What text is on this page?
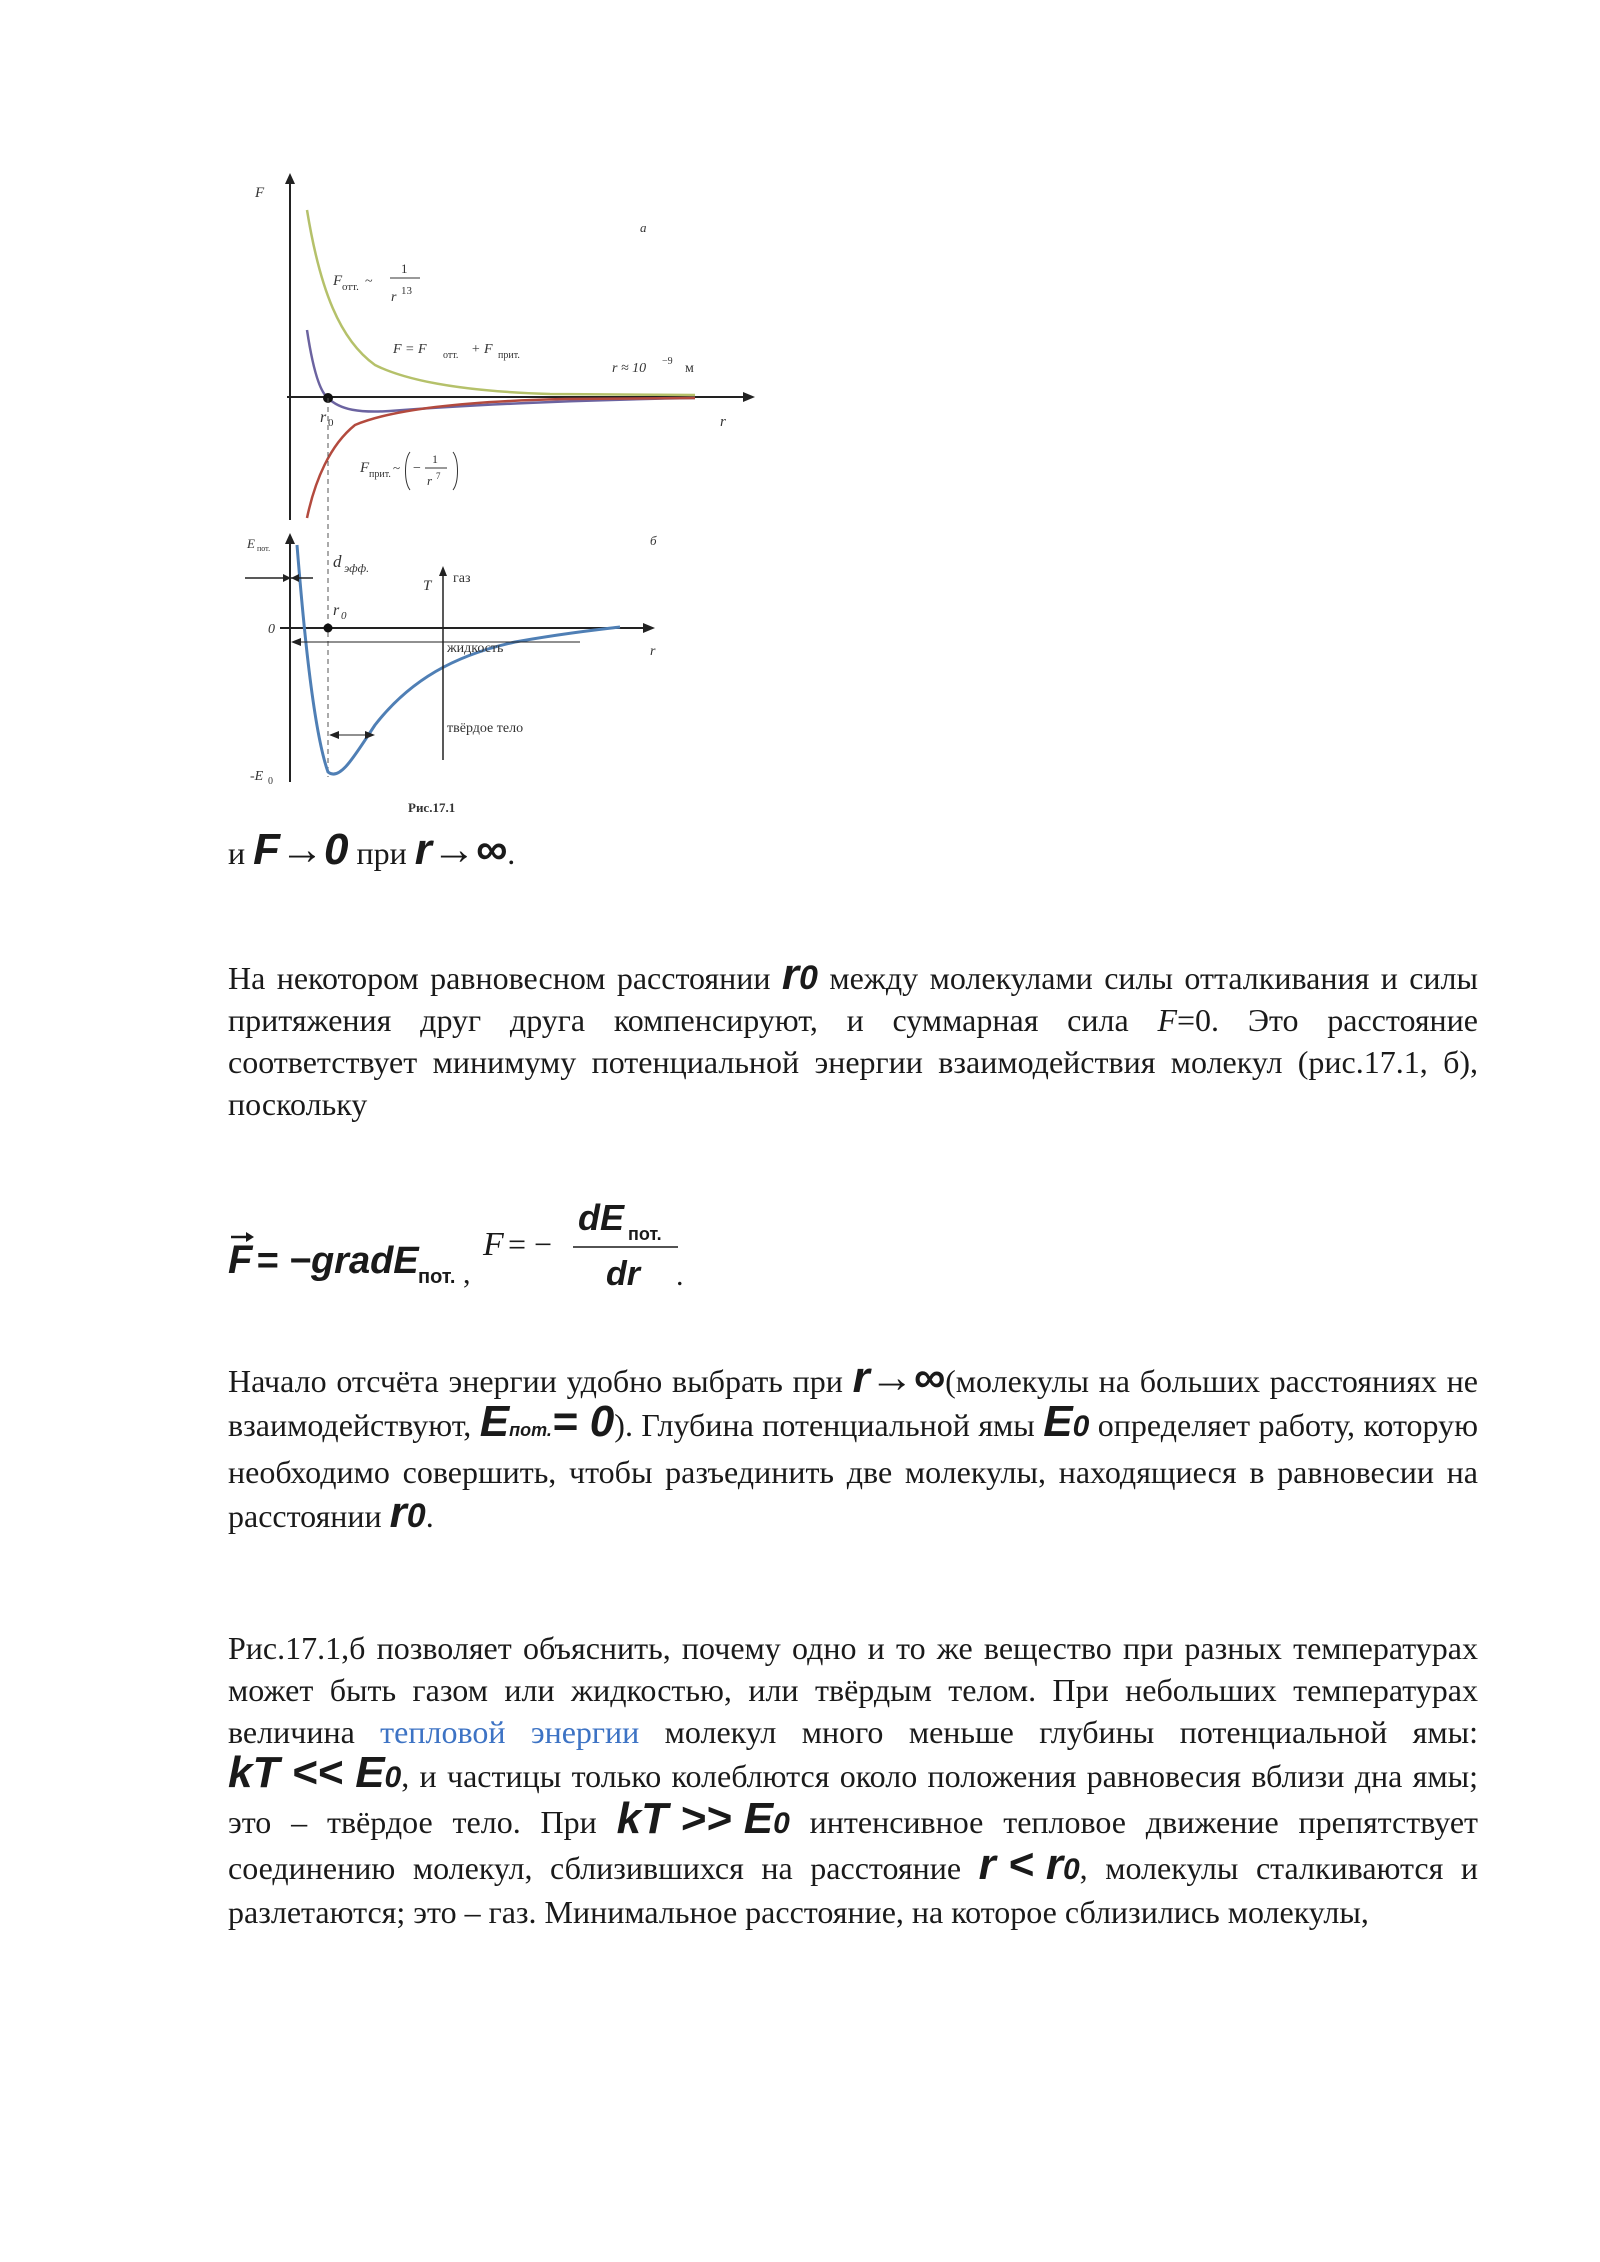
F
r
а
r 0
F отт. ~
1
r 13
F = F отт. + F прит.
r ≈ 10 −9 м
F прит. ~ −
1
r 7
E пот.
б
r
0
-E 0
d эфф.
r 0
T газ
жидкость
твёрдое тело
Рис.17.1
и F→0 при r→∞.

На некотором равновесном расстоянии r0 между молекулами силы отталкивания и силы притяжения друг друга компенсируют, и суммарная сила F=0. Это расстояние соответствует минимуму потенциальной энергии взаимодействия молекул (рис.17.1, б), поскольку

F = −gradE пот. ,
F = −
dE пот.
dr .

Начало отсчёта энергии удобно выбрать при r→∞(молекулы на больших расстояниях не взаимодействуют, Eпот.= 0). Глубина потенциальной ямы E0 определяет работу, которую необходимо совершить, чтобы разъединить две молекулы, находящиеся в равновесии на расстоянии r0.

Рис.17.1,б позволяет объяснить, почему одно и то же вещество при разных температурах может быть газом или жидкостью, или твёрдым телом. При небольших температурах величина тепловой энергии молекул много меньше глубины потенциальной ямы: kT << E0, и частицы только колеблются около положения равновесия вблизи дна ямы; это – твёрдое тело. При kT >> E0 интенсивное тепловое движение препятствует соединению молекул, сблизившихся на расстояние r < r0, молекулы сталкиваются и разлетаются; это – газ. Минимальное расстояние, на которое сблизились молекулы,
